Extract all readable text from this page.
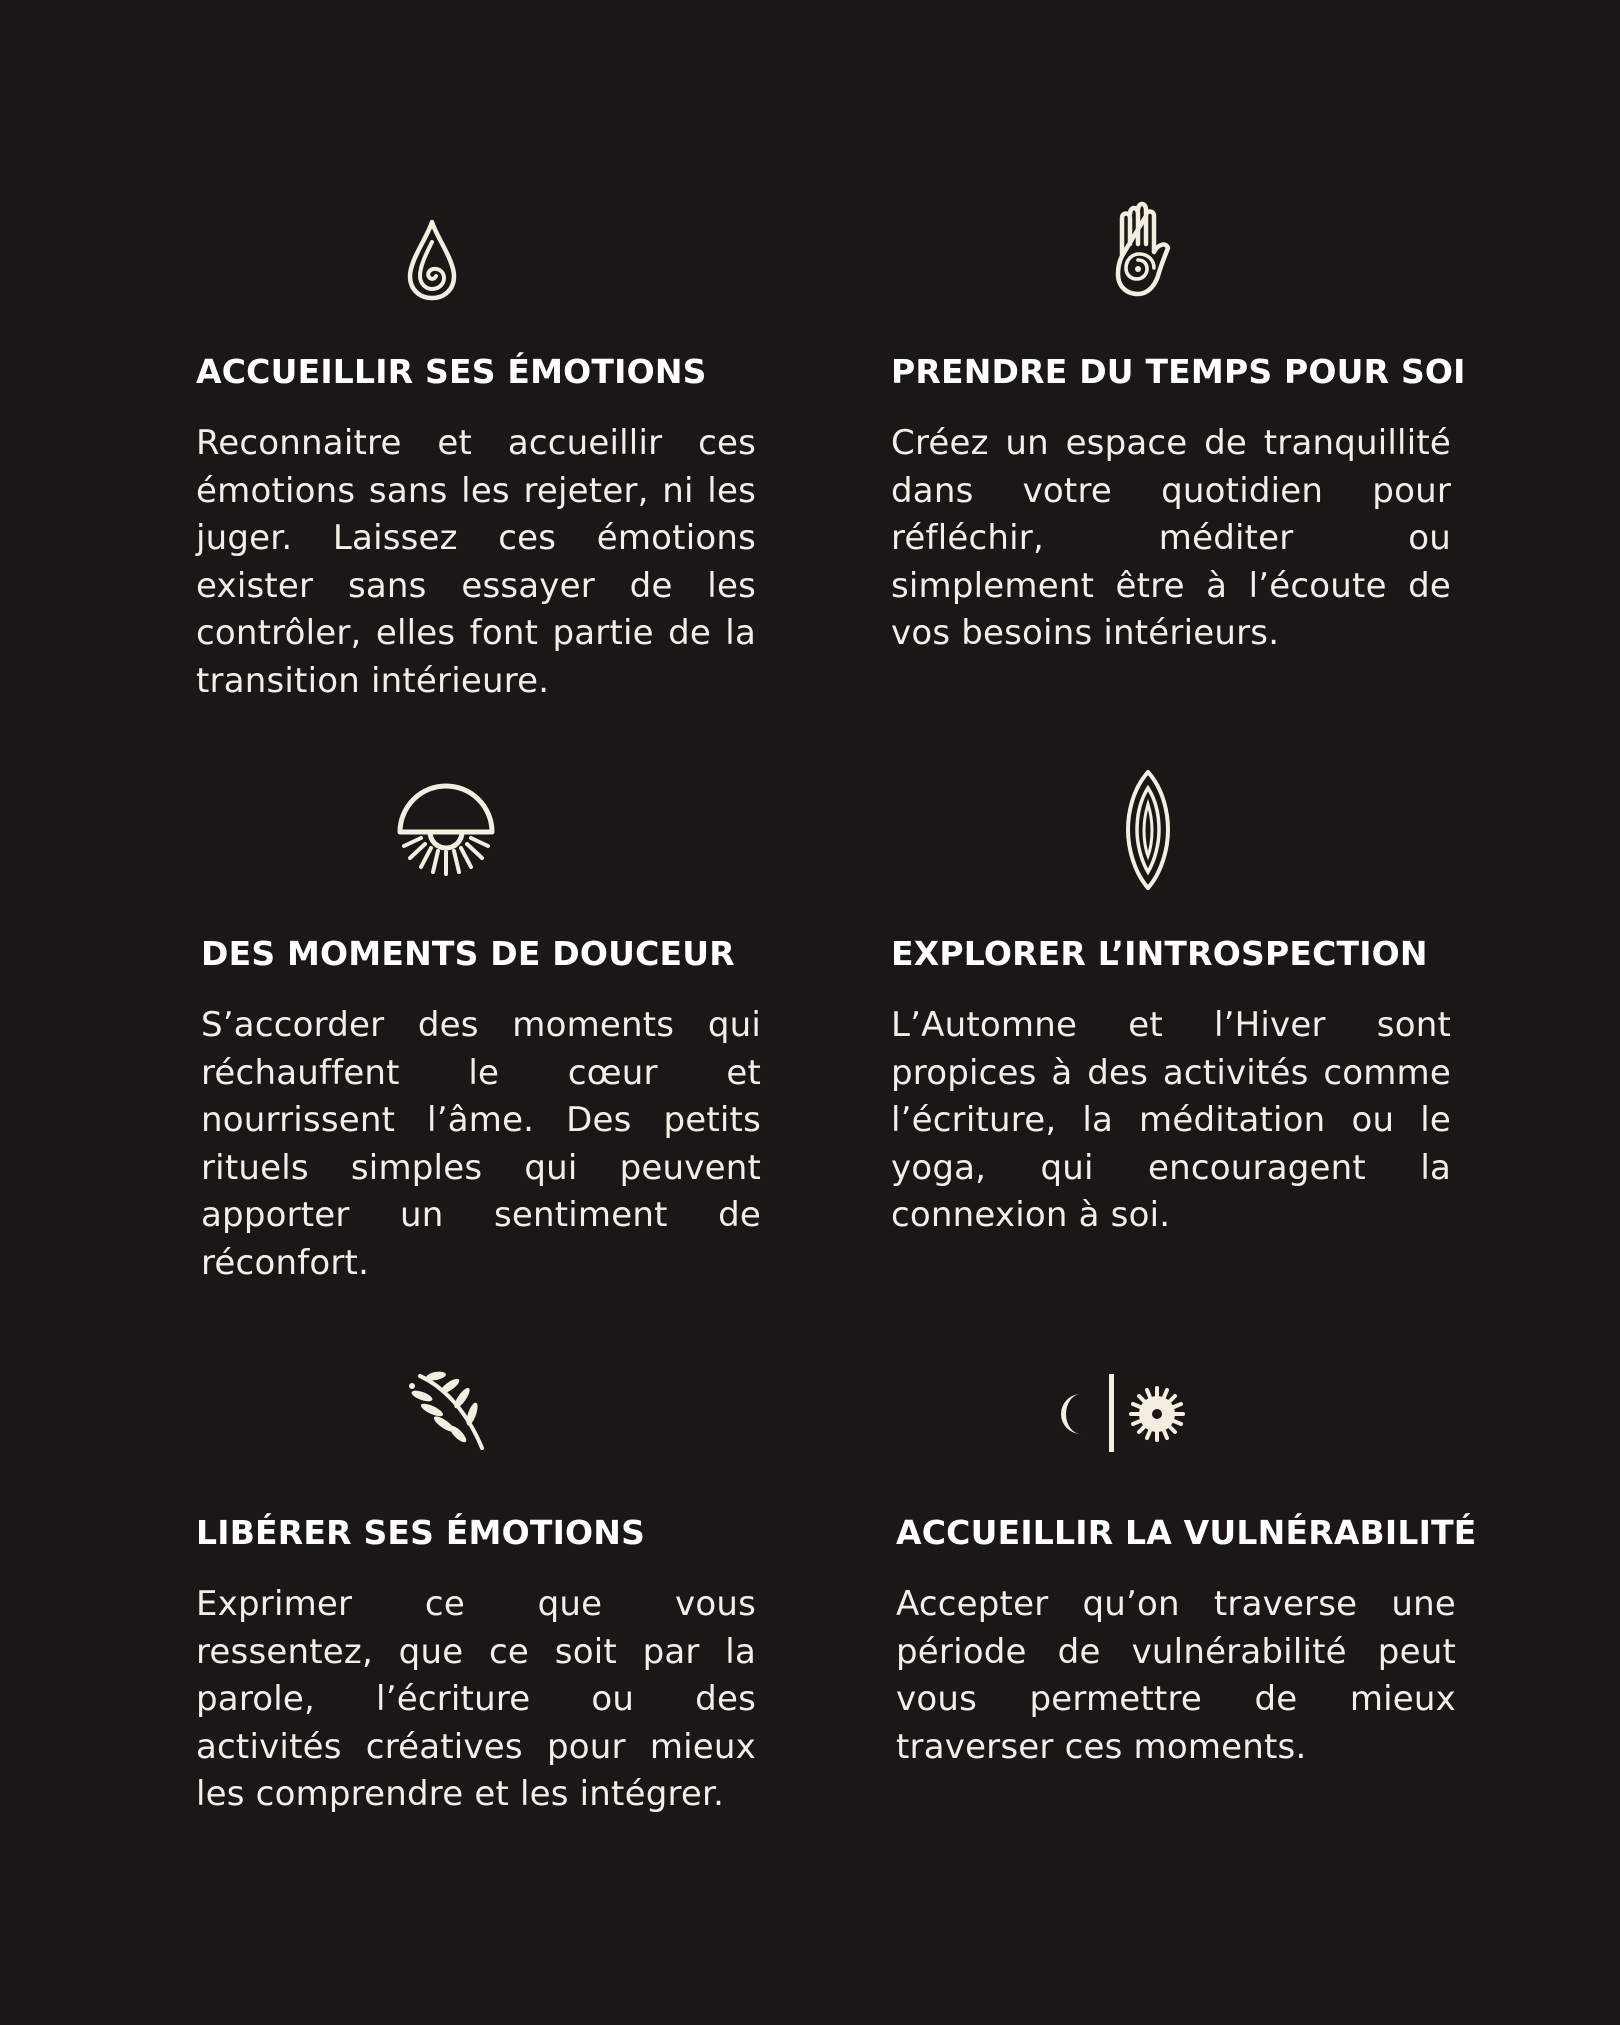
ACCUEILLIR SES ÉMOTIONS

Reconnaitre et accueillir ces émotions sans les rejeter, ni les juger. Laissez ces émotions exister sans essayer de les contrôler, elles font partie de la transition intérieure.

PRENDRE DU TEMPS POUR SOI

Créez un espace de tranquillité dans votre quotidien pour réfléchir, méditer ou simplement être à l’écoute de vos besoins intérieurs.

DES MOMENTS DE DOUCEUR

S’accorder des moments qui réchauffent le cœur et nourrissent l’âme. Des petits rituels simples qui peuvent apporter un sentiment de réconfort.

EXPLORER L’INTROSPECTION

L’Automne et l’Hiver sont propices à des activités comme l’écriture, la méditation ou le yoga, qui encouragent la connexion à soi.

LIBÉRER SES ÉMOTIONS

Exprimer ce que vous ressentez, que ce soit par la parole, l’écriture ou des activités créatives pour mieux les comprendre et les intégrer.

ACCUEILLIR LA VULNÉRABILITÉ

Accepter qu’on traverse une période de vulnérabilité peut vous permettre de mieux traverser ces moments.
